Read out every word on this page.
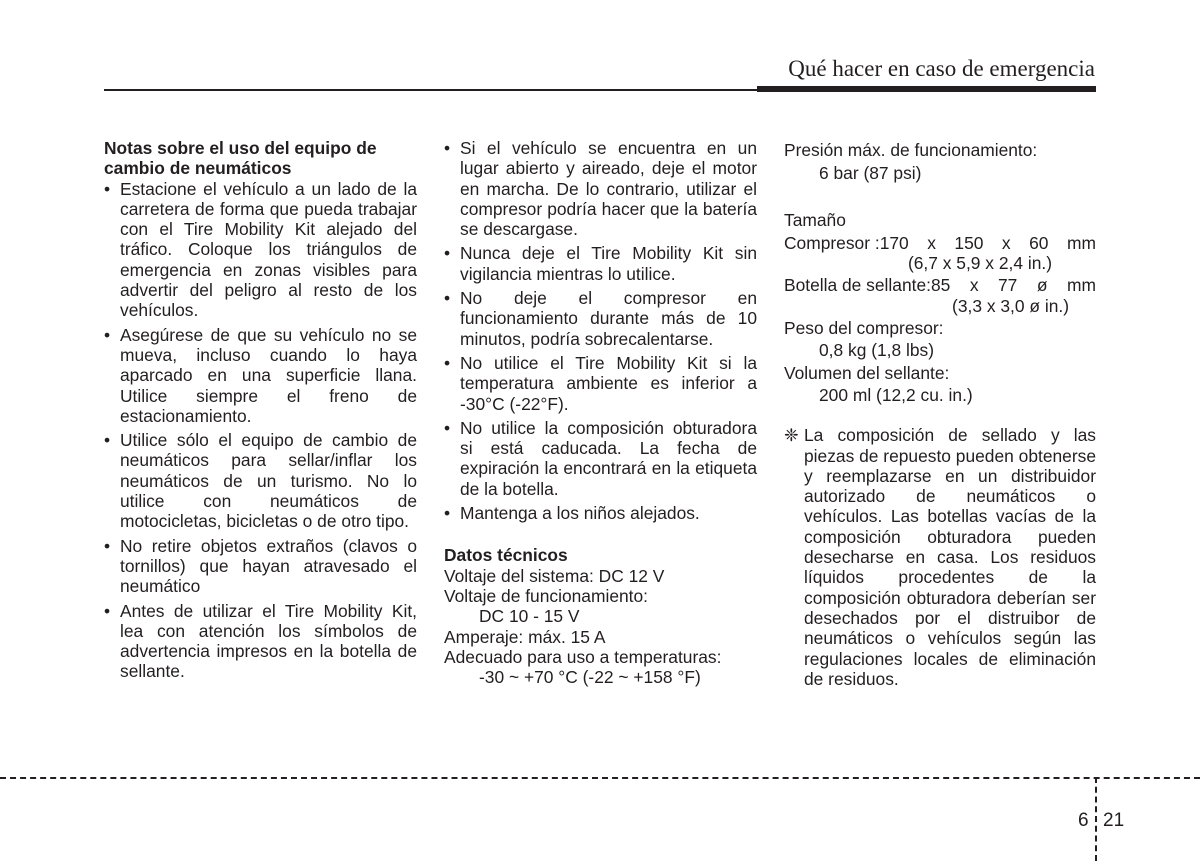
Qué hacer en caso de emergencia

Notas sobre el uso del equipo de
cambio de neumáticos

• Estacione el vehículo a un lado de la carretera de forma que pueda trabajar con el Tire Mobility Kit alejado del tráfico. Coloque los triángulos de emergencia en zonas visibles para advertir del peligro al resto de los vehículos.
• Asegúrese de que su vehículo no se mueva, incluso cuando lo haya aparcado en una superficie llana. Utilice siempre el freno de estacionamiento.
• Utilice sólo el equipo de cambio de neumáticos para sellar/inflar los neumáticos de un turismo. No lo utilice con neumáticos de motocicletas, bicicletas o de otro tipo.
• No retire objetos extraños (clavos o tornillos) que hayan atravesado el neumático
• Antes de utilizar el Tire Mobility Kit, lea con atención los símbolos de advertencia impresos en la botella de sellante.
• Si el vehículo se encuentra en un lugar abierto y aireado, deje el motor en marcha. De lo contrario, utilizar el compresor podría hacer que la batería se descargase.
• Nunca deje el Tire Mobility Kit sin vigilancia mientras lo utilice.
• No deje el compresor en funcionamiento durante más de 10 minutos, podría sobrecalentarse.
• No utilice el Tire Mobility Kit si la temperatura ambiente es inferior a -30°C (-22°F).
• No utilice la composición obturadora si está caducada. La fecha de expiración la encontrará en la etiqueta de la botella.
• Mantenga a los niños alejados.

Datos técnicos

Voltaje del sistema: DC 12 V

Voltaje de funcionamiento:

DC 10 - 15 V

Amperaje: máx. 15 A

Adecuado para uso a temperaturas:

-30 ~ +70 °C (-22 ~ +158 °F)

Presión máx. de funcionamiento:

6 bar (87 psi)

Tamaño

Compresor : 170 x 150 x 60 mm

(6,7 x 5,9 x 2,4 in.)

Botella de sellante: 85 x 77 ø mm

(3,3 x 3,0 ø in.)

Peso del compresor:

0,8 kg (1,8 lbs)

Volumen del sellante:

200 ml (12,2 cu. in.)

❈ La composición de sellado y las piezas de repuesto pueden obtenerse y reemplazarse en un distribuidor autorizado de neumáticos o vehículos. Las botellas vacías de la composición obturadora pueden desecharse en casa. Los residuos líquidos procedentes de la composición obturadora deberían ser desechados por el distruibor de neumáticos o vehículos según las regulaciones locales de eliminación de residuos.
6 21
